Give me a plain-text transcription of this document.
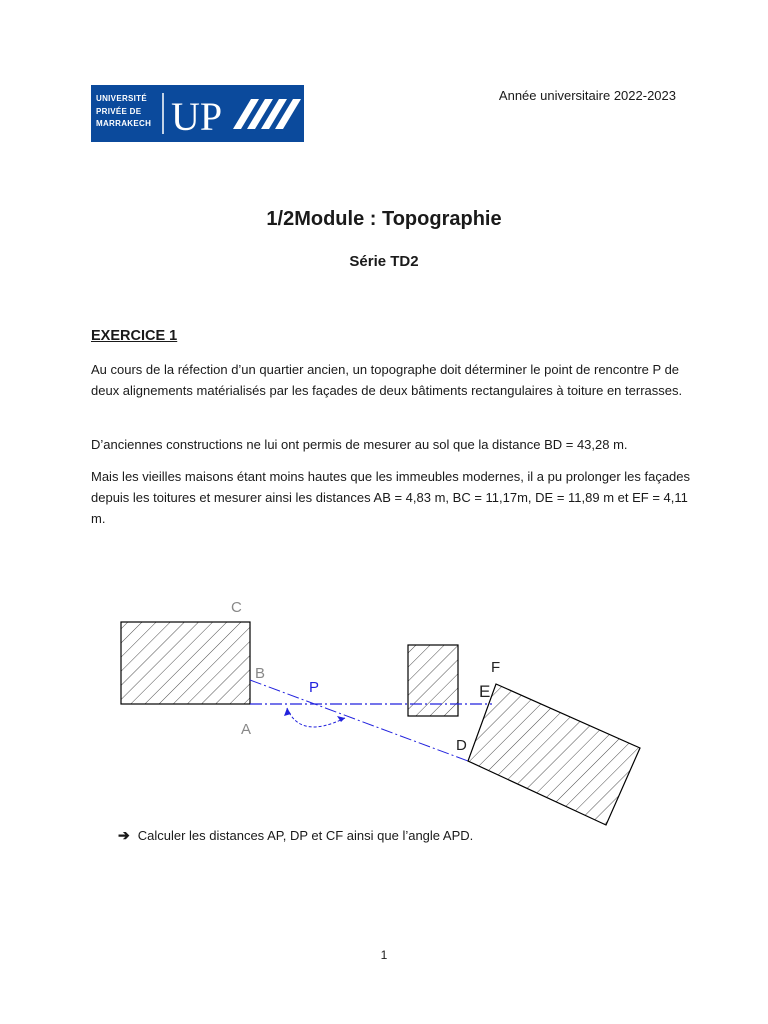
UNIVERSITÉ
PRIVÉE DE
MARRAKECH UP	Année universitaire 2022-2023
1/2Module : Topographie
Série TD2
EXERCICE 1
Au cours de la réfection d’un quartier ancien, un topographe doit déterminer le point de rencontre P de deux alignements matérialisés par les façades de deux bâtiments rectangulaires à toiture en terrasses.
D’anciennes constructions ne lui ont permis de mesurer au sol que la distance BD = 43,28 m.
Mais les vieilles maisons étant moins hautes que les immeubles modernes, il a pu prolonger les façades depuis les toitures et mesurer ainsi les distances AB = 4,83 m, BC = 11,17m, DE = 11,89 m et EF = 4,11 m.
C
B
A
P
F
E
D
➔ Calculer les distances AP, DP et CF ainsi que l’angle APD.
1
